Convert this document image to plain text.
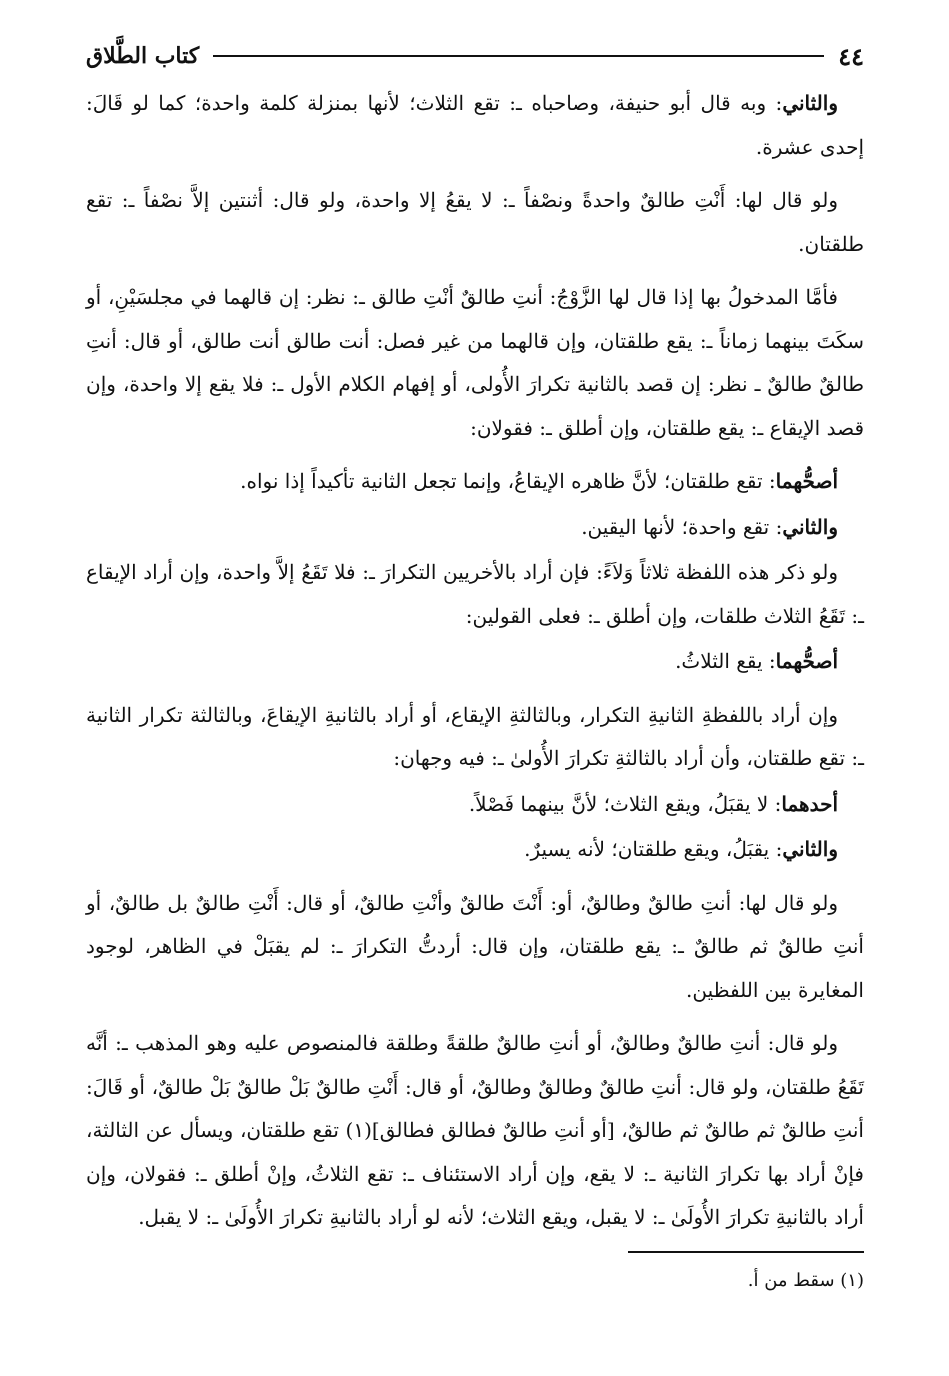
٤٤
كتاب الطَّلاق

والثاني: وبه قال أبو حنيفة، وصاحباه ـ: تقع الثلاث؛ لأنها بمنزلة كلمة واحدة؛ كما لو قَالَ: إحدى عشرة.

ولو قال لها: أَنْتِ طالقٌ واحدةً ونصْفاً ـ: لا يقعُ إلا واحدة، ولو قال: أثنتين إلاَّ نصْفاً ـ: تقع طلقتان.

فأمَّا المدخولُ بها إذا قال لها الزَّوْجُ: أنتِ طالقٌ أنْتِ طالق ـ: نظر: إن قالهما في مجلسَيْنِ، أو سكَتَ بينهما زماناً ـ: يقع طلقتان، وإن قالهما من غير فصل: أنت طالق أنت طالق، أو قال: أنتِ طالقٌ طالقٌ ـ نظر: إن قصد بالثانية تكرارَ الأُولى، أو إفهام الكلام الأول ـ: فلا يقع إلا واحدة، وإن قصد الإيقاع ـ: يقع طلقتان، وإن أطلق ـ: فقولان:

أصحُّهما: تقع طلقتان؛ لأنَّ ظاهره الإيقاعُ، وإنما تجعل الثانية تأكيداً إذا نواه.

والثاني: تقع واحدة؛ لأنها اليقين.

ولو ذكر هذه اللفظة ثلاثاً وَلاَءً: فإن أراد بالأخريين التكرارَ ـ: فلا تَقَعُ إلاَّ واحدة، وإن أراد الإيقاع ـ: تَقَعُ الثلاث طلقات، وإن أطلق ـ: فعلى القولين:

أصحُّهما: يقع الثلاثُ.

وإن أراد باللفظةِ الثانيةِ التكرار، وبالثالثةِ الإيقاع، أو أراد بالثانيةِ الإيقاعَ، وبالثالثة تكرار الثانية ـ: تقع طلقتان، وأن أراد بالثالثةِ تكرارَ الأُولىٰ ـ: فيه وجهان:

أحدهما: لا يقبَلُ، ويقع الثلاث؛ لأنَّ بينهما فَصْلاً.

والثاني: يقبَلُ، ويقع طلقتان؛ لأنه يسيرٌ.

ولو قال لها: أنتِ طالقٌ وطالقٌ، أو: أَنْتَ طالقٌ وأنْتِ طالقٌ، أو قال: أَنْتِ طالقٌ بل طالقٌ، أو أنتِ طالقٌ ثم طالقٌ ـ: يقع طلقتان، وإن قال: أردتُّ التكرارَ ـ: لم يقبَلْ في الظاهر، لوجود المغايرة بين اللفظين.

ولو قال: أنتِ طالقٌ وطالقٌ، أو أنتِ طالقٌ طلقةً وطلقة فالمنصوص عليه وهو المذهب ـ: أنَّه تَقَعُ طلقتان، ولو قال: أنتِ طالقٌ وطالقٌ وطالقٌ، أو قال: أَنْتِ طالقٌ بَلْ طالقٌ بَلْ طالقٌ، أو قَالَ: أنتِ طالقٌ ثم طالقٌ ثم طالقٌ، [أو أنتِ طالقٌ فطالق فطالق](١) تقع طلقتان، ويسأل عن الثالثة، فإنْ أراد بها تكرارَ الثانية ـ: لا يقع، وإن أراد الاستئناف ـ: تقع الثلاثُ، وإنْ أطلق ـ: فقولان، وإن أراد بالثانيةِ تكرارَ الأُولَىٰ ـ: لا يقبل، ويقع الثلاث؛ لأنه لو أراد بالثانيةِ تكرارَ الأُولَىٰ ـ: لا يقبل.

(١) سقط من أ.
